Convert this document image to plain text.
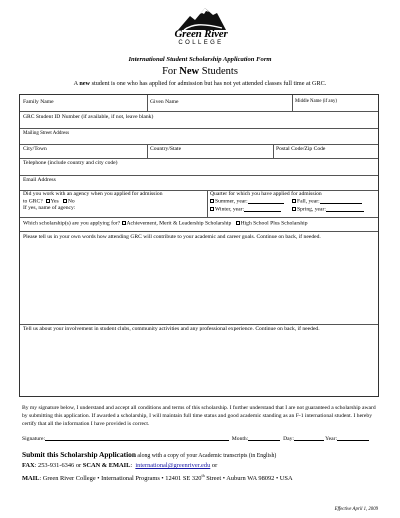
Green River
COLLEGE
International Student Scholarship Application Form
For New Students
A new student is one who has applied for admission but has not yet attended classes full time at GRC.
Family Name	Given Name	Middle Name (if any)
GRC Student ID Number (if available, if not, leave blank)
Mailing Street Address
City/Town	Country/State	Postal Code/Zip Code
Telephone (include country and city code)
Email Address
Did you work with an agency when you applied for admission
to GRC? Yes No
If yes, name of agency:
Quarter for which you have applied for admission
Summer, year:	Fall, year:
Winter, year:	Spring, year:
Which scholarship(s) are you applying for? Achievement, Merit & Leadership Scholarship High School Plus Scholarship
Please tell us in your own words how attending GRC will contribute to your academic and career goals. Continue on back, if needed.
Tell us about your involvement in student clubs, community activities and any professional experience. Continue on back, if needed.
By my signature below, I understand and accept all conditions and terms of this scholarship. I further understand that I are not guaranteed a scholarship award by submitting this application. If awarded a scholarship, I will maintain full time status and good academic standing as an F-1 international student. I hereby certify that all the information I have provided is correct.
Signature:	Month:	Day:	Year:
Submit this Scholarship Application along with a copy of your Academic transcripts (in English)
FAX: 253-931-6346 or SCAN & EMAIL: international@greenriver.edu or
MAIL: Green River College • International Programs • 12401 SE 320th Street • Auburn WA 98092 • USA
Effective April 1, 2009
